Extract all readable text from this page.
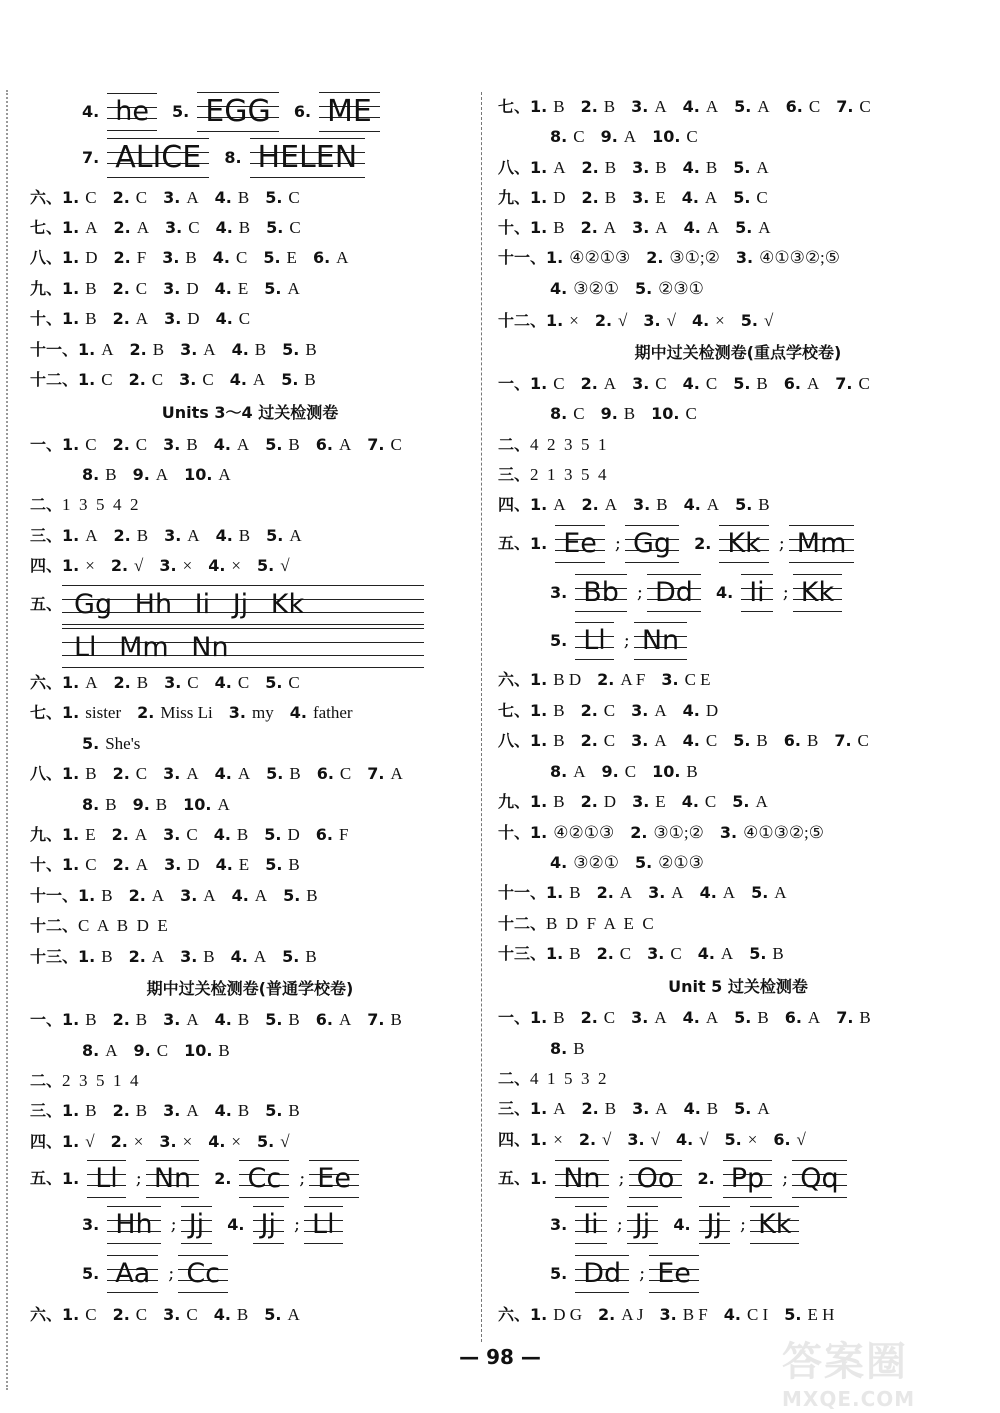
4. he 5. EGG 6. ME
7. ALICE 8. HELEN
六、1. C 2. C 3. A 4. B 5. C
七、1. A 2. A 3. C 4. B 5. C
八、1. D 2. F 3. B 4. C 5. E 6. A
九、1. B 2. C 3. D 4. E 5. A
十、1. B 2. A 3. D 4. C
十一、1. A 2. B 3. A 4. B 5. B
十二、1. C 2. C 3. C 4. A 5. B
Units 3～4 过关检测卷
一、1. C 2. C 3. B 4. A 5. B 6. A 7. C
8. B 9. A 10. A
二、1  3  5  4  2
三、1. A 2. B 3. A 4. B 5. A
四、1. × 2. √ 3. × 4. × 5. √
五、 Gg Hh Ii Jj Kk
Ll Mm Nn
六、1. A 2. B 3. C 4. C 5. C
七、1. sister 2. Miss Li 3. my 4. father
5. She's
八、1. B 2. C 3. A 4. A 5. B 6. C 7. A
8. B 9. B 10. A
九、1. E 2. A 3. C 4. B 5. D 6. F
十、1. C 2. A 3. D 4. E 5. B
十一、1. B 2. A 3. A 4. A 5. B
十二、C  A  B  D  E
十三、1. B 2. A 3. B 4. A 5. B
期中过关检测卷(普通学校卷)
一、1. B 2. B 3. A 4. B 5. B 6. A 7. B
8. A 9. C 10. B
二、2  3  5  1  4
三、1. B 2. B 3. A 4. B 5. B
四、1. √ 2. × 3. × 4. × 5. √
五、1. Ll ; Nn 2. Cc ; Ee
3. Hh ; Jj 4. Jj ; Ll
5. Aa ; Cc
六、1. C 2. C 3. C 4. B 5. A
七、1. B 2. B 3. A 4. A 5. A 6. C 7. C
8. C 9. A 10. C
八、1. A 2. B 3. B 4. B 5. A
九、1. D 2. B 3. E 4. A 5. C
十、1. B 2. A 3. A 4. A 5. A
十一、1. ④②①③ 2. ③①;② 3. ④①③②;⑤
4. ③②① 5. ②③①
十二、1. × 2. √ 3. √ 4. × 5. √
期中过关检测卷(重点学校卷)
一、1. C 2. A 3. C 4. C 5. B 6. A 7. C
8. C 9. B 10. C
二、4  2  3  5  1
三、2  1  3  5  4
四、1. A 2. A 3. B 4. A 5. B
五、1. Ee ; Gg 2. Kk ; Mm
3. Bb ; Dd 4. Ii ; Kk
5. Ll ; Nn
六、1. B D 2. A F 3. C E
七、1. B 2. C 3. A 4. D
八、1. B 2. C 3. A 4. C 5. B 6. B 7. C
8. A 9. C 10. B
九、1. B 2. D 3. E 4. C 5. A
十、1. ④②①③ 2. ③①;② 3. ④①③②;⑤
4. ③②① 5. ②①③
十一、1. B 2. A 3. A 4. A 5. A
十二、B  D  F  A  E  C
十三、1. B 2. C 3. C 4. A 5. B
Unit 5 过关检测卷
一、1. B 2. C 3. A 4. A 5. B 6. A 7. B
8. B
二、4  1  5  3  2
三、1. A 2. B 3. A 4. B 5. A
四、1. × 2. √ 3. √ 4. √ 5. × 6. √
五、1. Nn ; Oo 2. Pp ; Qq
3. Ii ; Jj 4. Jj ; Kk
5. Dd ; Ee
六、1. D G 2. A J 3. B F 4. C I 5. E H
— 98 —	答案圈
MXQE.COM
